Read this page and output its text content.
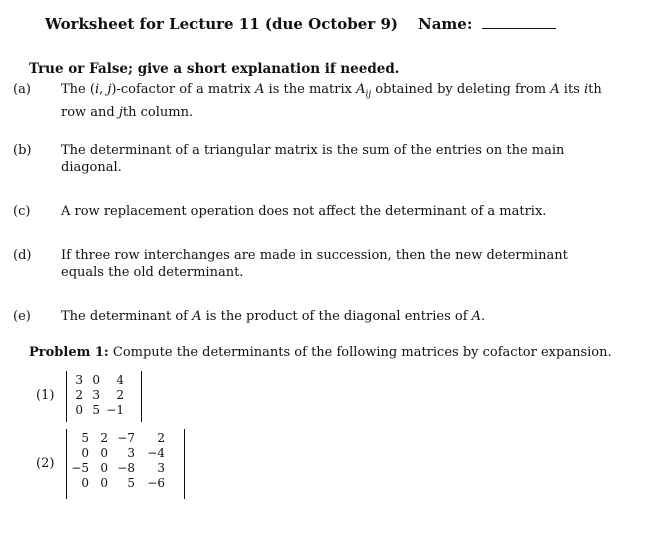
Worksheet for Lecture 11 (due October 9) Name:
True or False; give a short explanation if needed.
(a) The (i, j)-cofactor of a matrix A is the matrix $A_{ij}$ obtained by deleting from A its ith row and jth column.
(b) The determinant of a triangular matrix is the sum of the entries on the main diagonal.
(c) A row replacement operation does not affect the determinant of a matrix.
(d) If three row interchanges are made in succession, then the new determinant equals the old determinant.
(e) The determinant of A is the product of the diagonal entries of A.
Problem 1: Compute the determinants of the following matrices by cofactor expansion.
(1)
3	0	4
2	3	2
0	5	−1
(2)
5	2	−7	2
0	0	3	−4
−5	0	−8	3
0	0	5	−6
